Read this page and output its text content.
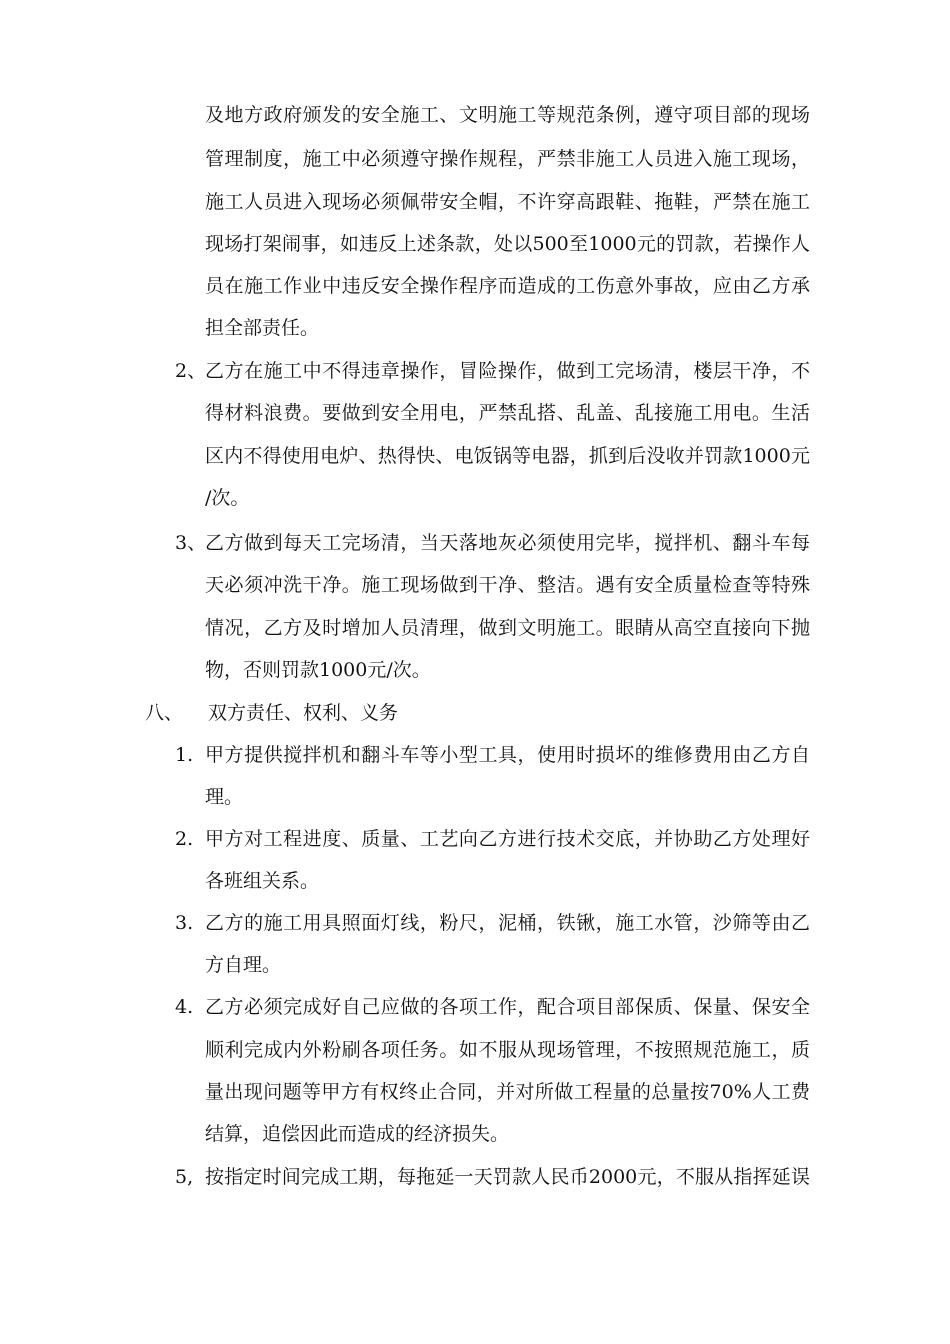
及地方政府颁发的安全施工、文明施工等规范条例，遵守项目部的现场
管理制度，施工中必须遵守操作规程，严禁非施工人员进入施工现场，
施工人员进入现场必须佩带安全帽，不许穿高跟鞋、拖鞋，严禁在施工
现场打架闹事，如违反上述条款，处以500至1000元的罚款，若操作人
员在施工作业中违反安全操作程序而造成的工伤意外事故，应由乙方承
担全部责任。
2、
乙方在施工中不得违章操作，冒险操作，做到工完场清，楼层干净，不
得材料浪费。要做到安全用电，严禁乱搭、乱盖、乱接施工用电。生活
区内不得使用电炉、热得快、电饭锅等电器，抓到后没收并罚款1000元
/次。
3、
乙方做到每天工完场清，当天落地灰必须使用完毕，搅拌机、翻斗车每
天必须冲洗干净。施工现场做到干净、整洁。遇有安全质量检查等特殊
情况，乙方及时增加人员清理，做到文明施工。眼睛从高空直接向下抛
物，否则罚款1000元/次。
八、 双方责任、权利、义务
1. 甲方提供搅拌机和翻斗车等小型工具，使用时损坏的维修费用由乙方自
理。
2. 甲方对工程进度、质量、工艺向乙方进行技术交底，并协助乙方处理好
各班组关系。
3. 乙方的施工用具照面灯线，粉尺，泥桶，铁锹，施工水管，沙筛等由乙
方自理。
4. 乙方必须完成好自己应做的各项工作，配合项目部保质、保量、保安全
顺利完成内外粉刷各项任务。如不服从现场管理，不按照规范施工，质
量出现问题等甲方有权终止合同，并对所做工程量的总量按70%人工费
结算，追偿因此而造成的经济损失。
5, 按指定时间完成工期，每拖延一天罚款人民币2000元，不服从指挥延误
